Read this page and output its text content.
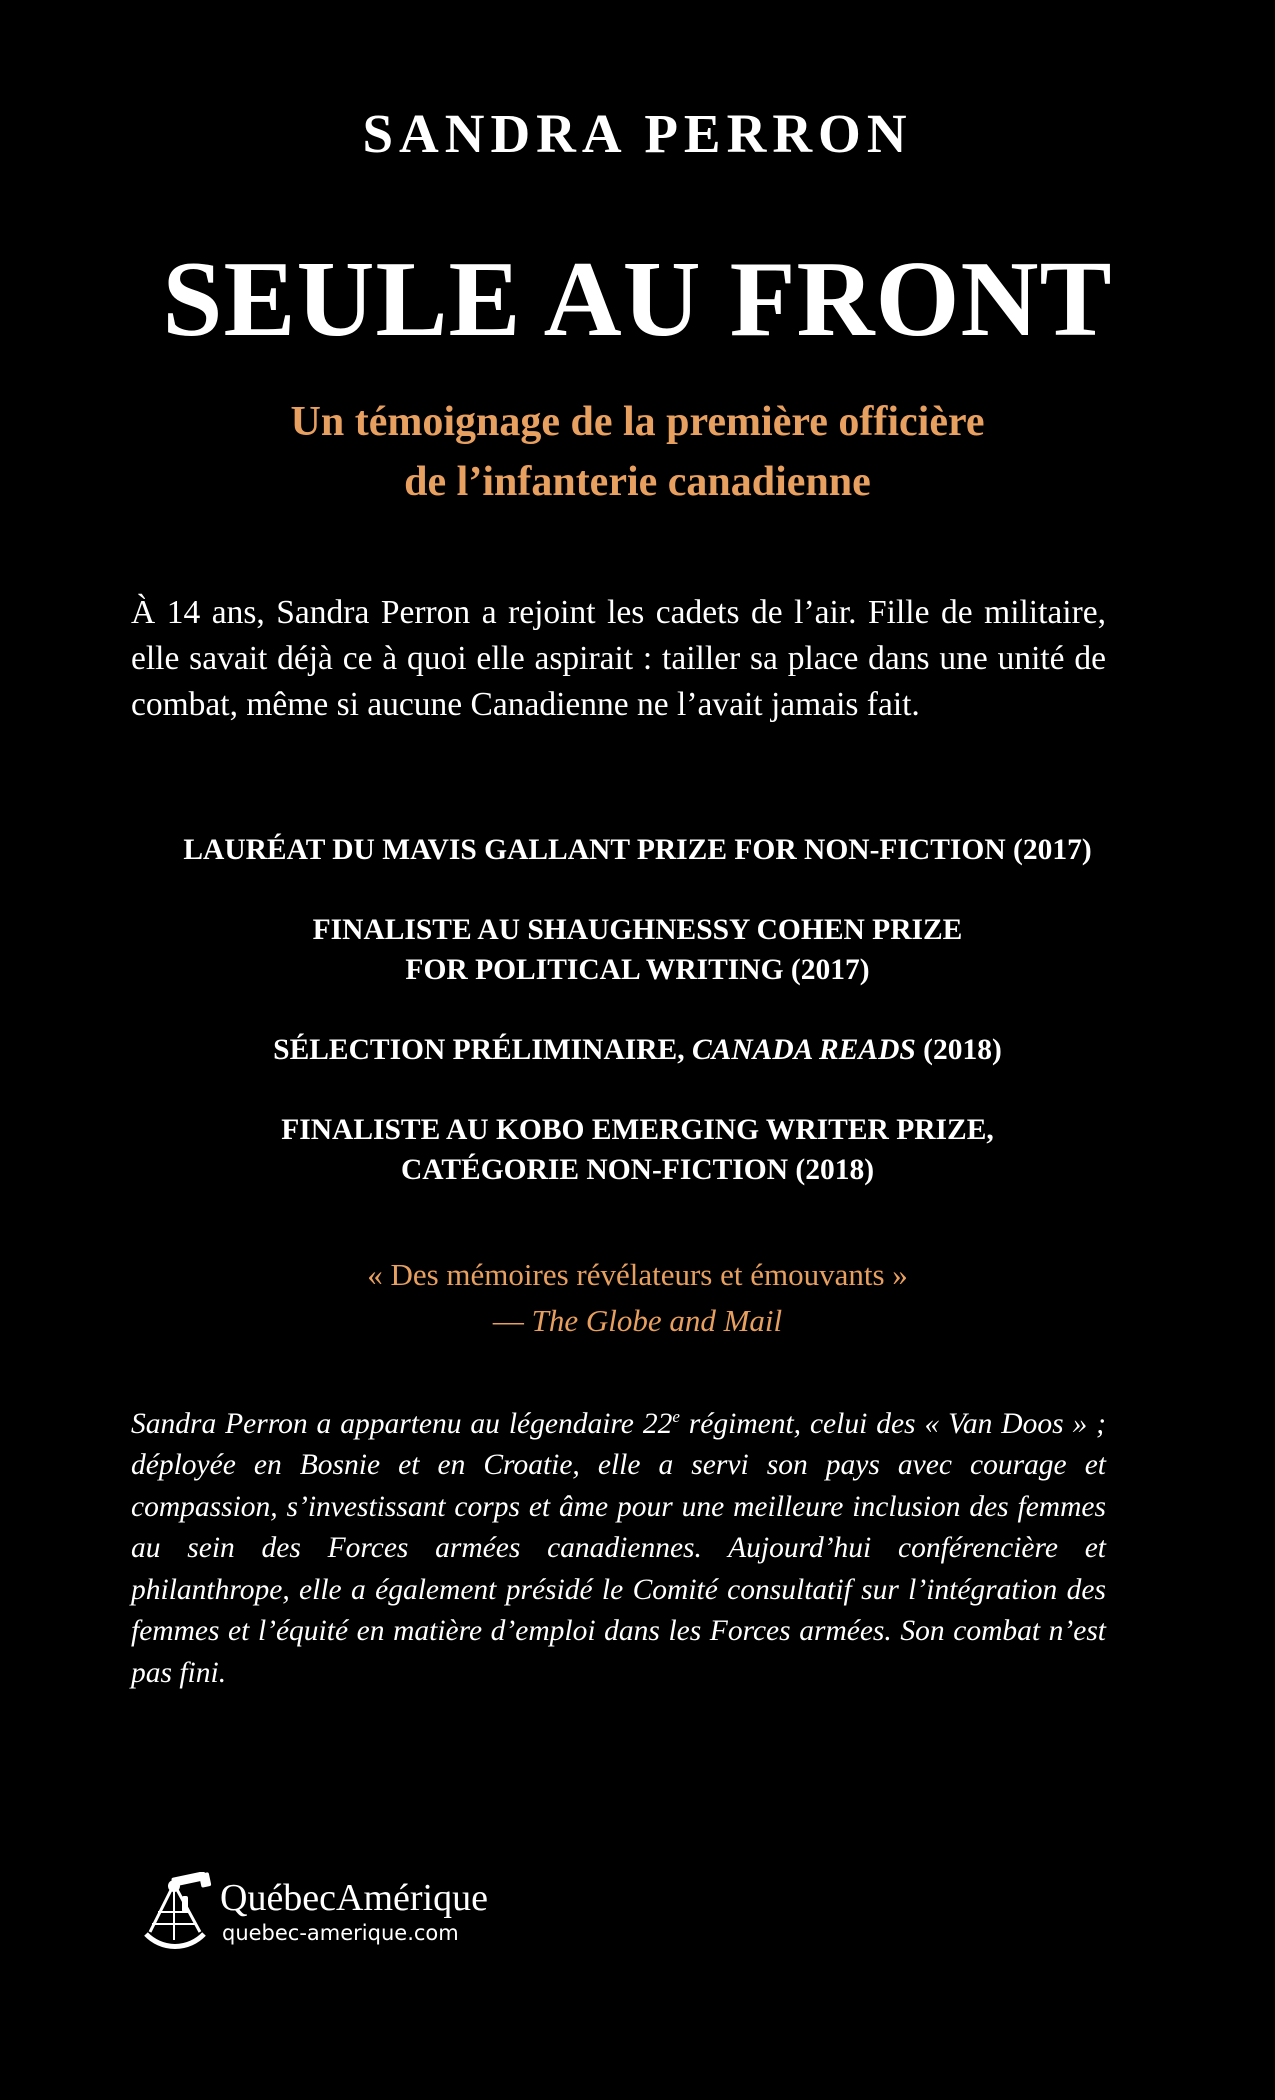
SANDRA PERRON
SEULE AU FRONT
Un témoignage de la première officière
de l’infanterie canadienne
À 14 ans, Sandra Perron a rejoint les cadets de l’air. Fille de militaire, elle savait déjà ce à quoi elle aspirait : tailler sa place dans une unité de combat, même si aucune Canadienne ne l’avait jamais fait.
LAURÉAT DU MAVIS GALLANT PRIZE FOR NON-FICTION (2017)
FINALISTE AU SHAUGHNESSY COHEN PRIZE
FOR POLITICAL WRITING (2017)
SÉLECTION PRÉLIMINAIRE, CANADA READS (2018)
FINALISTE AU KOBO EMERGING WRITER PRIZE,
CATÉGORIE NON-FICTION (2018)
« Des mémoires révélateurs et émouvants »
— The Globe and Mail
Sandra Perron a appartenu au légendaire 22e régiment, celui des « Van Doos » ; déployée en Bosnie et en Croatie, elle a servi son pays avec courage et compassion, s’investissant corps et âme pour une meilleure inclusion des femmes au sein des Forces armées canadiennes. Aujourd’hui conférencière et philanthrope, elle a également présidé le Comité consultatif sur l’intégration des femmes et l’équité en matière d’emploi dans les Forces armées. Son combat n’est pas fini.
QuébecAmérique
quebec-amerique.com
